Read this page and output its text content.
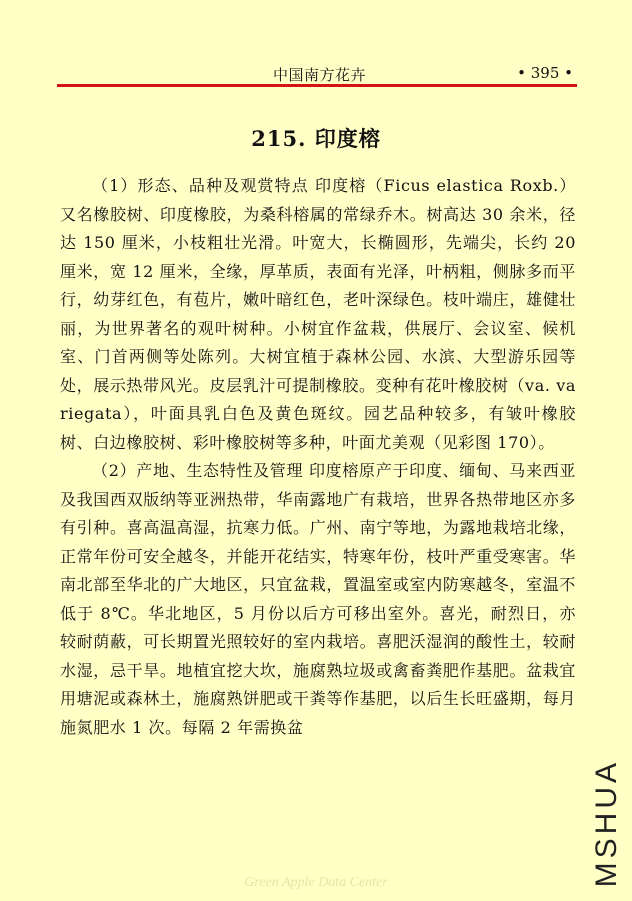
中国南方花卉	• 395 •
215. 印度榕

（1）形态、品种及观赏特点 印度榕（Ficus elastica Roxb.）又名橡胶树、印度橡胶，为桑科榕属的常绿乔木。树高达 30 余米，径达 150 厘米，小枝粗壮光滑。叶宽大，长椭圆形，先端尖，长约 20 厘米，宽 12 厘米，全缘，厚革质，表面有光泽，叶柄粗，侧脉多而平行，幼芽红色，有苞片，嫩叶暗红色，老叶深绿色。枝叶端庄，雄健壮丽，为世界著名的观叶树种。小树宜作盆栽，供展厅、会议室、候机室、门首两侧等处陈列。大树宜植于森林公园、水滨、大型游乐园等处，展示热带风光。皮层乳汁可提制橡胶。变种有花叶橡胶树（va. variegata），叶面具乳白色及黄色斑纹。园艺品种较多，有皱叶橡胶树、白边橡胶树、彩叶橡胶树等多种，叶面尤美观（见彩图 170）。

（2）产地、生态特性及管理 印度榕原产于印度、缅甸、马来西亚及我国西双版纳等亚洲热带，华南露地广有栽培，世界各热带地区亦多有引种。喜高温高湿，抗寒力低。广州、南宁等地，为露地栽培北缘，正常年份可安全越冬，并能开花结实，特寒年份，枝叶严重受寒害。华南北部至华北的广大地区，只宜盆栽，置温室或室内防寒越冬，室温不低于 8℃。华北地区，5 月份以后方可移出室外。喜光，耐烈日，亦较耐荫蔽，可长期置光照较好的室内栽培。喜肥沃湿润的酸性土，较耐水湿，忌干旱。地植宜挖大坎，施腐熟垃圾或禽畜粪肥作基肥。盆栽宜用塘泥或森林土，施腐熟饼肥或干粪等作基肥，以后生长旺盛期，每月施氮肥水 1 次。每隔 2 年需换盆

MSHUA
Green Apple Data Center
